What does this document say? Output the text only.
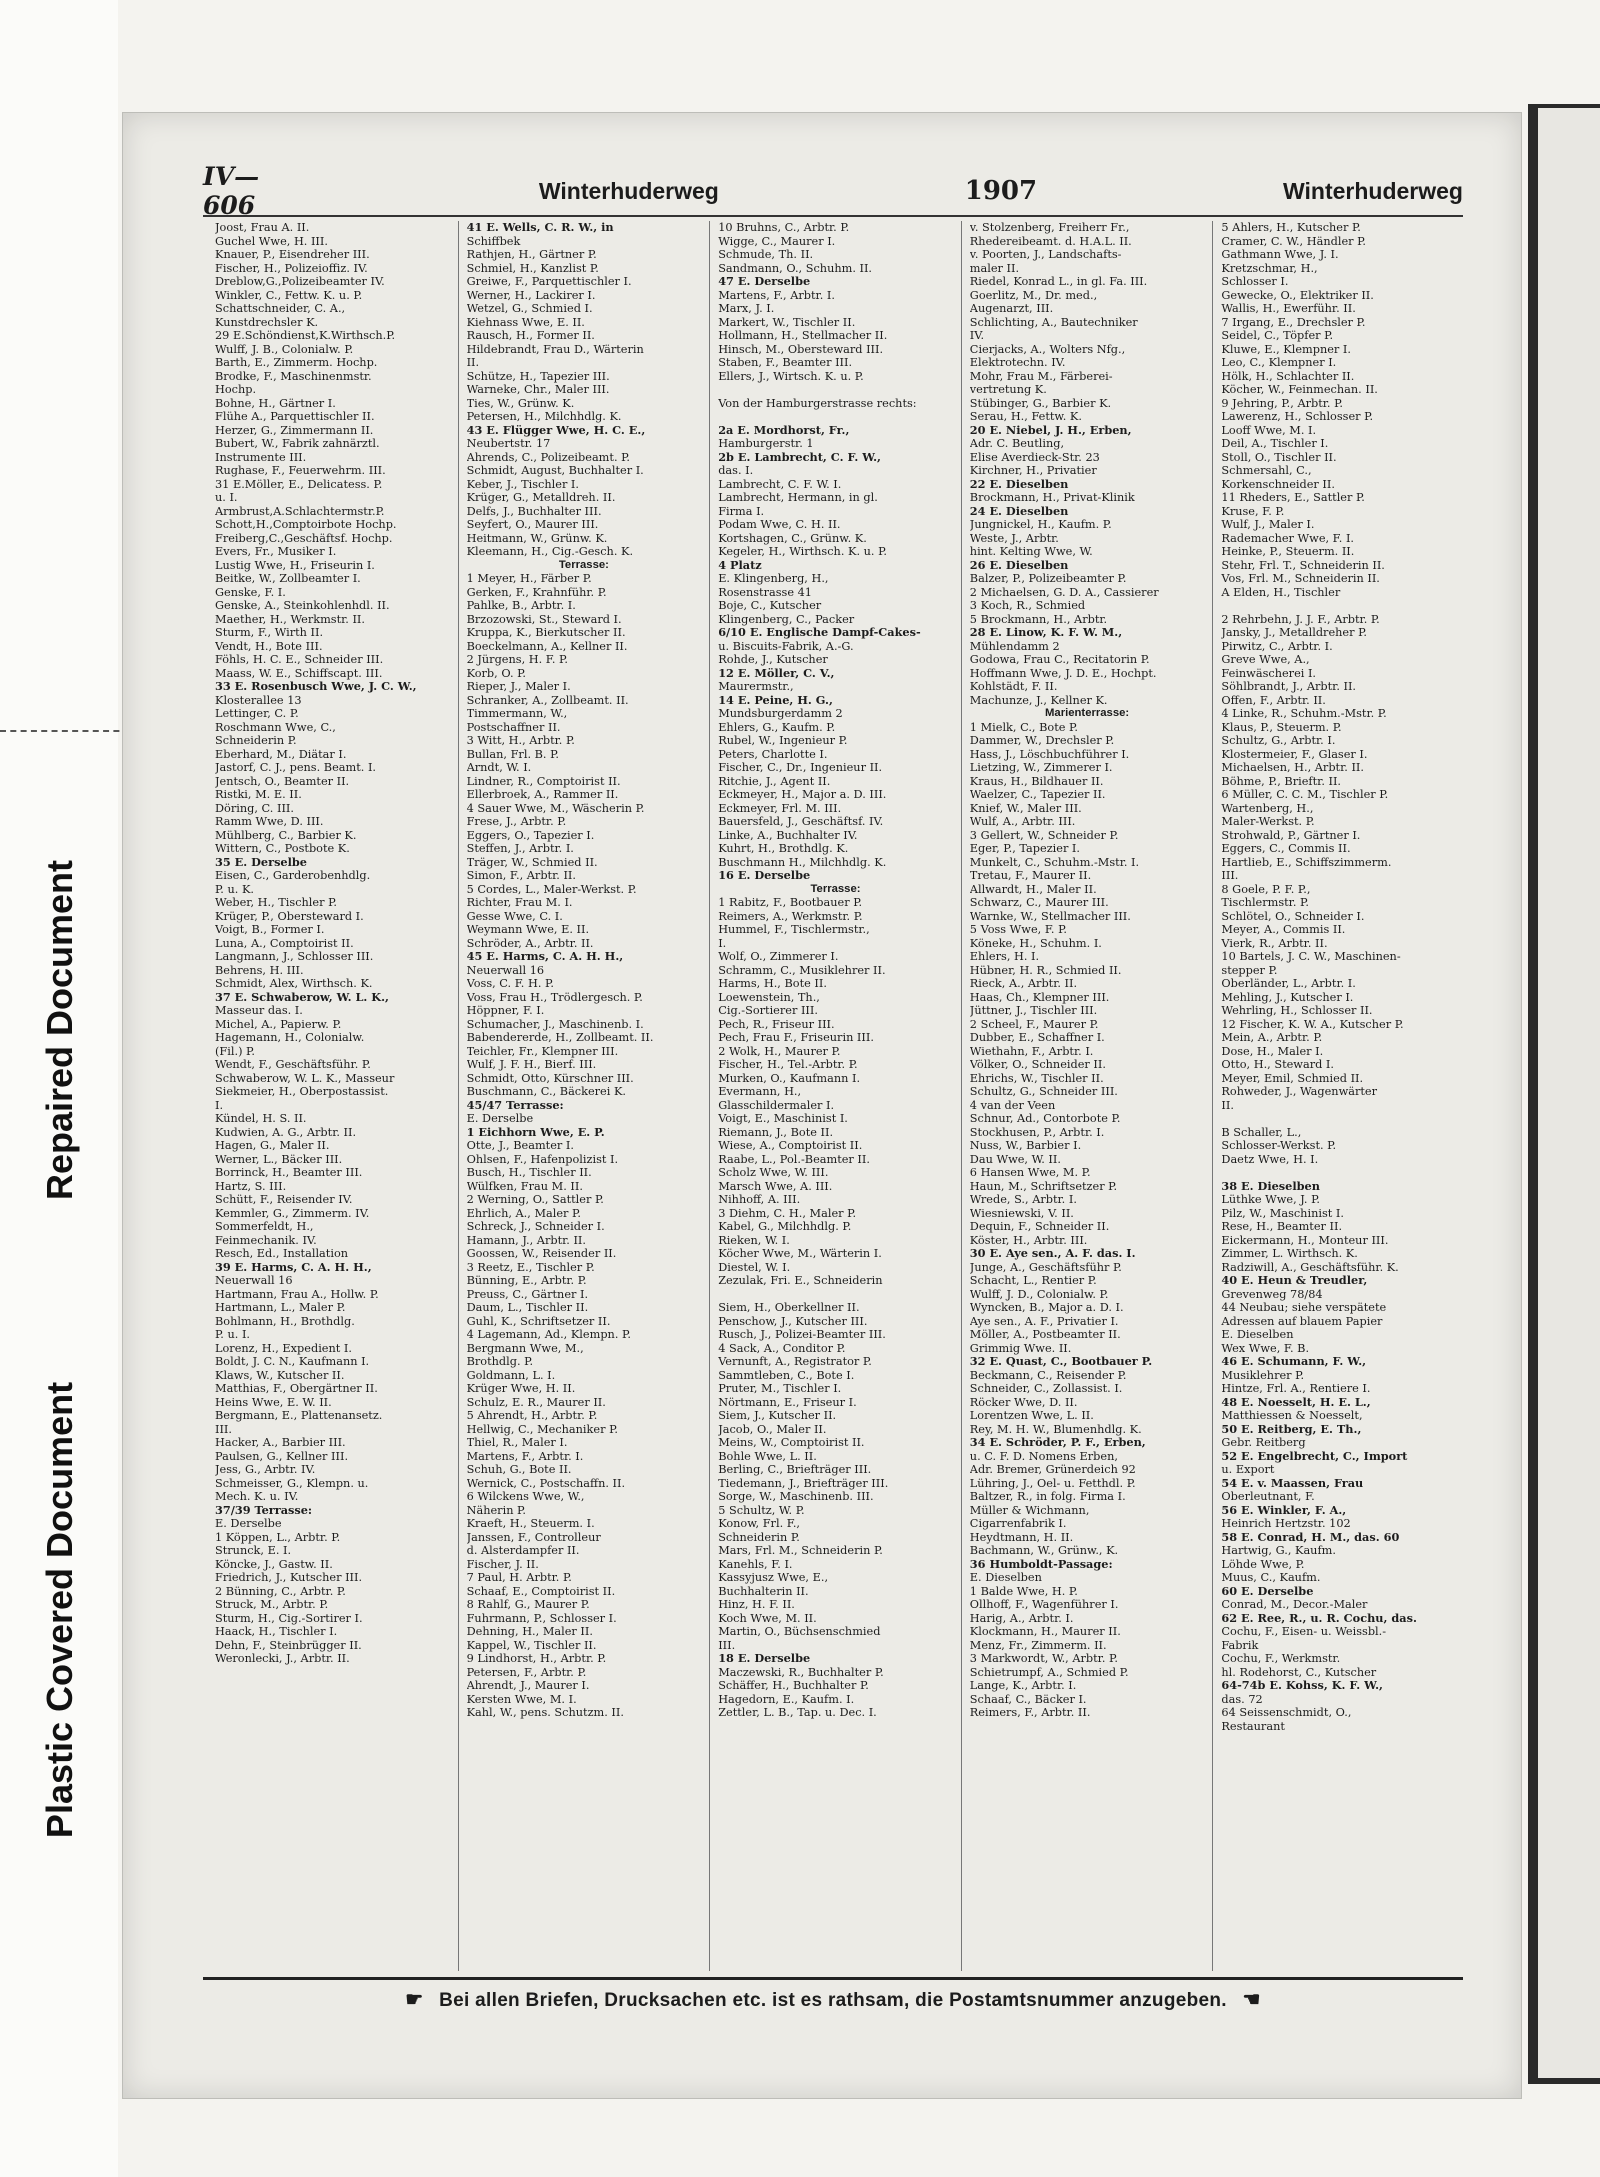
Repaired Document
Plastic Covered Document
IV—606
Winterhuderweg	1907	Winterhuderweg
Joost, Frau A. II.
Guchel Wwe, H. III.
Knauer, P., Eisendreher III.
Fischer, H., Polizeioffiz. IV.
Dreblow,G.,Polizeibeamter IV.
Winkler, C., Fettw. K. u. P.
Schattschneider, C. A.,
Kunstdrechsler K.
29 E.Schöndienst,K.Wirthsch.P.
Wulff, J. B., Colonialw. P.
Barth, E., Zimmerm. Hochp.
Brodke, F., Maschinenmstr.
Hochp.
Bohne, H., Gärtner I.
Flühe A., Parquettischler II.
Herzer, G., Zimmermann II.
Bubert, W., Fabrik zahnärztl.
Instrumente III.
Rughase, F., Feuerwehrm. III.
31 E.Möller, E., Delicatess. P.
u. I.
Armbrust,A.Schlachtermstr.P.
Schott,H.,Comptoirbote Hochp.
Freiberg,C.,Geschäftsf. Hochp.
Evers, Fr., Musiker I.
Lustig Wwe, H., Friseurin I.
Beitke, W., Zollbeamter I.
Genske, F. I.
Genske, A., Steinkohlenhdl. II.
Maether, H., Werkmstr. II.
Sturm, F., Wirth II.
Vendt, H., Bote III.
Föhls, H. C. E., Schneider III.
Maass, W. E., Schiffscapt. III.
33 E. Rosenbusch Wwe, J. C. W.,
Klosterallee 13
Lettinger, C. P.
Roschmann Wwe, C.,
Schneiderin P.
Eberhard, M., Diätar I.
Jastorf, C. J., pens. Beamt. I.
Jentsch, O., Beamter II.
Ristki, M. E. II.
Döring, C. III.
Ramm Wwe, D. III.
Mühlberg, C., Barbier K.
Wittern, C., Postbote K.
35 E. Derselbe
Eisen, C., Garderobenhdlg.
P. u. K.
Weber, H., Tischler P.
Krüger, P., Obersteward I.
Voigt, B., Former I.
Luna, A., Comptoirist II.
Langmann, J., Schlosser III.
Behrens, H. III.
Schmidt, Alex, Wirthsch. K.
37 E. Schwaberow, W. L. K.,
Masseur das. I.
Michel, A., Papierw. P.
Hagemann, H., Colonialw.
(Fil.) P.
Wendt, F., Geschäftsführ. P.
Schwaberow, W. L. K., Masseur
Siekmeier, H., Oberpostassist.
I.
Kündel, H. S. II.
Kudwien, A. G., Arbtr. II.
Hagen, G., Maler II.
Werner, L., Bäcker III.
Borrinck, H., Beamter III.
Hartz, S. III.
Schütt, F., Reisender IV.
Kemmler, G., Zimmerm. IV.
Sommerfeldt, H.,
Feinmechanik. IV.
Resch, Ed., Installation
39 E. Harms, C. A. H. H.,
Neuerwall 16
Hartmann, Frau A., Hollw. P.
Hartmann, L., Maler P.
Bohlmann, H., Brothdlg.
P. u. I.
Lorenz, H., Expedient I.
Boldt, J. C. N., Kaufmann I.
Klaws, W., Kutscher II.
Matthias, F., Obergärtner II.
Heins Wwe, E. W. II.
Bergmann, E., Plattenansetz.
III.
Hacker, A., Barbier III.
Paulsen, G., Kellner III.
Jess, G., Arbtr. IV.
Schmeisser, G., Klempn. u.
Mech. K. u. IV.
37/39 Terrasse:
E. Derselbe
1 Köppen, L., Arbtr. P.
Strunck, E. I.
Köncke, J., Gastw. II.
Friedrich, J., Kutscher III.
2 Bünning, C., Arbtr. P.
Struck, M., Arbtr. P.
Sturm, H., Cig.-Sortirer I.
Haack, H., Tischler I.
Dehn, F., Steinbrügger II.
Weronlecki, J., Arbtr. II.
41 E. Wells, C. R. W., in
Schiffbek
Rathjen, H., Gärtner P.
Schmiel, H., Kanzlist P.
Greiwe, F., Parquettischler I.
Werner, H., Lackirer I.
Wetzel, G., Schmied I.
Kiehnass Wwe, E. II.
Rausch, H., Former II.
Hildebrandt, Frau D., Wärterin
II.
Schütze, H., Tapezier III.
Warneke, Chr., Maler III.
Ties, W., Grünw. K.
Petersen, H., Milchhdlg. K.
43 E. Flügger Wwe, H. C. E.,
Neubertstr. 17
Ahrends, C., Polizeibeamt. P.
Schmidt, August, Buchhalter I.
Keber, J., Tischler I.
Krüger, G., Metalldreh. II.
Delfs, J., Buchhalter III.
Seyfert, O., Maurer III.
Heitmann, W., Grünw. K.
Kleemann, H., Cig.-Gesch. K.
Terrasse:
1 Meyer, H., Färber P.
Gerken, F., Krahnführ. P.
Pahlke, B., Arbtr. I.
Brzozowski, St., Steward I.
Kruppa, K., Bierkutscher II.
Boeckelmann, A., Kellner II.
2 Jürgens, H. F. P.
Korb, O. P.
Rieper, J., Maler I.
Schranker, A., Zollbeamt. II.
Timmermann, W.,
Postschaffner II.
3 Witt, H., Arbtr. P.
Bullan, Frl. B. P.
Arndt, W. I.
Lindner, R., Comptoirist II.
Ellerbroek, A., Rammer II.
4 Sauer Wwe, M., Wäscherin P.
Frese, J., Arbtr. P.
Eggers, O., Tapezier I.
Steffen, J., Arbtr. I.
Träger, W., Schmied II.
Simon, F., Arbtr. II.
5 Cordes, L., Maler-Werkst. P.
Richter, Frau M. I.
Gesse Wwe, C. I.
Weymann Wwe, E. II.
Schröder, A., Arbtr. II.
45 E. Harms, C. A. H. H.,
Neuerwall 16
Voss, C. F. H. P.
Voss, Frau H., Trödlergesch. P.
Höppner, F. I.
Schumacher, J., Maschinenb. I.
Babendererde, H., Zollbeamt. II.
Teichler, Fr., Klempner III.
Wulf, J. F. H., Bierf. III.
Schmidt, Otto, Kürschner III.
Buschmann, C., Bäckerei K.
45/47 Terrasse:
E. Derselbe
1 Eichhorn Wwe, E. P.
Otte, J., Beamter I.
Ohlsen, F., Hafenpolizist I.
Busch, H., Tischler II.
Wülfken, Frau M. II.
2 Werning, O., Sattler P.
Ehrlich, A., Maler P.
Schreck, J., Schneider I.
Hamann, J., Arbtr. II.
Goossen, W., Reisender II.
3 Reetz, E., Tischler P.
Bünning, E., Arbtr. P.
Preuss, C., Gärtner I.
Daum, L., Tischler II.
Guhl, K., Schriftsetzer II.
4 Lagemann, Ad., Klempn. P.
Bergmann Wwe, M.,
Brothdlg. P.
Goldmann, L. I.
Krüger Wwe, H. II.
Schulz, E. R., Maurer II.
5 Ahrendt, H., Arbtr. P.
Hellwig, C., Mechaniker P.
Thiel, R., Maler I.
Martens, F., Arbtr. I.
Schuh, G., Bote II.
Wernick, C., Postschaffn. II.
6 Wilckens Wwe, W.,
Näherin P.
Kraeft, H., Steuerm. I.
Janssen, F., Controlleur
d. Alsterdampfer II.
Fischer, J. II.
7 Paul, H. Arbtr. P.
Schaaf, E., Comptoirist II.
8 Rahlf, G., Maurer P.
Fuhrmann, P., Schlosser I.
Dehning, H., Maler II.
Kappel, W., Tischler II.
9 Lindhorst, H., Arbtr. P.
Petersen, F., Arbtr. P.
Ahrendt, J., Maurer I.
Kersten Wwe, M. I.
Kahl, W., pens. Schutzm. II.
10 Bruhns, C., Arbtr. P.
Wigge, C., Maurer I.
Schmude, Th. II.
Sandmann, O., Schuhm. II.
47 E. Derselbe
Martens, F., Arbtr. I.
Marx, J. I.
Markert, W., Tischler II.
Hollmann, H., Stellmacher II.
Hinsch, M., Obersteward III.
Staben, F., Beamter III.
Ellers, J., Wirtsch. K. u. P.
Von der Hamburgerstrasse rechts:
2a E. Mordhorst, Fr.,
Hamburgerstr. 1
2b E. Lambrecht, C. F. W.,
das. I.
Lambrecht, C. F. W. I.
Lambrecht, Hermann, in gl.
Firma I.
Podam Wwe, C. H. II.
Kortshagen, C., Grünw. K.
Kegeler, H., Wirthsch. K. u. P.
4 Platz
E. Klingenberg, H.,
Rosenstrasse 41
Boje, C., Kutscher
Klingenberg, C., Packer
6/10 E. Englische Dampf-Cakes-
u. Biscuits-Fabrik, A.-G.
Rohde, J., Kutscher
12 E. Möller, C. V.,
Maurermstr.,
14 E. Peine, H. G.,
Mundsburgerdamm 2
Ehlers, G., Kaufm. P.
Rubel, W., Ingenieur P.
Peters, Charlotte I.
Fischer, C., Dr., Ingenieur II.
Ritchie, J., Agent II.
Eckmeyer, H., Major a. D. III.
Eckmeyer, Frl. M. III.
Bauersfeld, J., Geschäftsf. IV.
Linke, A., Buchhalter IV.
Kuhrt, H., Brothdlg. K.
Buschmann H., Milchhdlg. K.
16 E. Derselbe
Terrasse:
1 Rabitz, F., Bootbauer P.
Reimers, A., Werkmstr. P.
Hummel, F., Tischlermstr.,
I.
Wolf, O., Zimmerer I.
Schramm, C., Musiklehrer II.
Harms, H., Bote II.
Loewenstein, Th.,
Cig.-Sortierer III.
Pech, R., Friseur III.
Pech, Frau F., Friseurin III.
2 Wolk, H., Maurer P.
Fischer, H., Tel.-Arbtr. P.
Murken, O., Kaufmann I.
Evermann, H.,
Glasschildermaler I.
Voigt, E., Maschinist I.
Riemann, J., Bote II.
Wiese, A., Comptoirist II.
Raabe, L., Pol.-Beamter II.
Scholz Wwe, W. III.
Marsch Wwe, A. III.
Nihhoff, A. III.
3 Diehm, C. H., Maler P.
Kabel, G., Milchhdlg. P.
Rieken, W. I.
Köcher Wwe, M., Wärterin I.
Diestel, W. I.
Zezulak, Fri. E., Schneiderin
Siem, H., Oberkellner II.
Penschow, J., Kutscher III.
Rusch, J., Polizei-Beamter III.
4 Sack, A., Conditor P.
Vernunft, A., Registrator P.
Sammtleben, C., Bote I.
Pruter, M., Tischler I.
Nörtmann, E., Friseur I.
Siem, J., Kutscher II.
Jacob, O., Maler II.
Meins, W., Comptoirist II.
Bohle Wwe, L. II.
Berling, C., Briefträger III.
Tiedemann, J., Briefträger III.
Sorge, W., Maschinenb. III.
5 Schultz, W. P.
Konow, Frl. F.,
Schneiderin P.
Mars, Frl. M., Schneiderin P.
Kanehls, F. I.
Kassyjusz Wwe, E.,
Buchhalterin II.
Hinz, H. F. II.
Koch Wwe, M. II.
Martin, O., Büchsenschmied
III.
18 E. Derselbe
Maczewski, R., Buchhalter P.
Schäffer, H., Buchhalter P.
Hagedorn, E., Kaufm. I.
Zettler, L. B., Tap. u. Dec. I.
v. Stolzenberg, Freiherr Fr.,
Rhedereibeamt. d. H.A.L. II.
v. Poorten, J., Landschafts-
maler II.
Riedel, Konrad L., in gl. Fa. III.
Goerlitz, M., Dr. med.,
Augenarzt, III.
Schlichting, A., Bautechniker
IV.
Cierjacks, A., Wolters Nfg.,
Elektrotechn. IV.
Mohr, Frau M., Färberei-
vertretung K.
Stübinger, G., Barbier K.
Serau, H., Fettw. K.
20 E. Niebel, J. H., Erben,
Adr. C. Beutling,
Elise Averdieck-Str. 23
Kirchner, H., Privatier
22 E. Dieselben
Brockmann, H., Privat-Klinik
24 E. Dieselben
Jungnickel, H., Kaufm. P.
Weste, J., Arbtr.
hint. Kelting Wwe, W.
26 E. Dieselben
Balzer, P., Polizeibeamter P.
2 Michaelsen, G. D. A., Cassierer
3 Koch, R., Schmied
5 Brockmann, H., Arbtr.
28 E. Linow, K. F. W. M.,
Mühlendamm 2
Godowa, Frau C., Recitatorin P.
Hoffmann Wwe, J. D. E., Hochpt.
Kohlstädt, F. II.
Machunze, J., Kellner K.
Marienterrasse:
1 Mielk, C., Bote P.
Dammer, W., Drechsler P.
Hass, J., Löschbuchführer I.
Lietzing, W., Zimmerer I.
Kraus, H., Bildhauer II.
Waelzer, C., Tapezier II.
Knief, W., Maler III.
Wulf, A., Arbtr. III.
3 Gellert, W., Schneider P.
Eger, P., Tapezier I.
Munkelt, C., Schuhm.-Mstr. I.
Tretau, F., Maurer II.
Allwardt, H., Maler II.
Schwarz, C., Maurer III.
Warnke, W., Stellmacher III.
5 Voss Wwe, F. P.
Köneke, H., Schuhm. I.
Ehlers, H. I.
Hübner, H. R., Schmied II.
Rieck, A., Arbtr. II.
Haas, Ch., Klempner III.
Jüttner, J., Tischler III.
2 Scheel, F., Maurer P.
Dubber, E., Schaffner I.
Wiethahn, F., Arbtr. I.
Völker, O., Schneider II.
Ehrichs, W., Tischler II.
Schultz, G., Schneider III.
4 van der Veen
Schnur, Ad., Contorbote P.
Stockhusen, P., Arbtr. I.
Nuss, W., Barbier I.
Dau Wwe, W. II.
6 Hansen Wwe, M. P.
Haun, M., Schriftsetzer P.
Wrede, S., Arbtr. I.
Wiesniewski, V. II.
Dequin, F., Schneider II.
Köster, H., Arbtr. III.
30 E. Aye sen., A. F. das. I.
Junge, A., Geschäftsführ P.
Schacht, L., Rentier P.
Wulff, J. D., Colonialw. P.
Wyncken, B., Major a. D. I.
Aye sen., A. F., Privatier I.
Möller, A., Postbeamter II.
Grimmig Wwe. II.
32 E. Quast, C., Bootbauer P.
Beckmann, C., Reisender P.
Schneider, C., Zollassist. I.
Röcker Wwe, D. II.
Lorentzen Wwe, L. II.
Rey, M. H. W., Blumenhdlg. K.
34 E. Schröder, P. F., Erben,
u. C. F. D. Nomens Erben,
Adr. Bremer, Grünerdeich 92
Lühring, J., Oel- u. Fetthdl. P.
Baltzer, R., in folg. Firma I.
Müller & Wichmann,
Cigarrenfabrik I.
Heydtmann, H. II.
Bachmann, W., Grünw., K.
36 Humboldt-Passage:
E. Dieselben
1 Balde Wwe, H. P.
Ollhoff, F., Wagenführer I.
Harig, A., Arbtr. I.
Klockmann, H., Maurer II.
Menz, Fr., Zimmerm. II.
3 Markwordt, W., Arbtr. P.
Schietrumpf, A., Schmied P.
Lange, K., Arbtr. I.
Schaaf, C., Bäcker I.
Reimers, F., Arbtr. II.
5 Ahlers, H., Kutscher P.
Cramer, C. W., Händler P.
Gathmann Wwe, J. I.
Kretzschmar, H.,
Schlosser I.
Gewecke, O., Elektriker II.
Wallis, H., Ewerführ. II.
7 Irgang, E., Drechsler P.
Seidel, C., Töpfer P.
Kluwe, E., Klempner I.
Leo, C., Klempner I.
Hölk, H., Schlachter II.
Köcher, W., Feinmechan. II.
9 Jehring, P., Arbtr. P.
Lawerenz, H., Schlosser P.
Looff Wwe, M. I.
Deil, A., Tischler I.
Stoll, O., Tischler II.
Schmersahl, C.,
Korkenschneider II.
11 Rheders, E., Sattler P.
Kruse, F. P.
Wulf, J., Maler I.
Rademacher Wwe, F. I.
Heinke, P., Steuerm. II.
Stehr, Frl. T., Schneiderin II.
Vos, Frl. M., Schneiderin II.
A Elden, H., Tischler
2 Rehrbehn, J. J. F., Arbtr. P.
Jansky, J., Metalldreher P.
Pirwitz, C., Arbtr. I.
Greve Wwe, A.,
Feinwäscherei I.
Söhlbrandt, J., Arbtr. II.
Offen, F., Arbtr. II.
4 Linke, R., Schuhm.-Mstr. P.
Klaus, P., Steuerm. P.
Schultz, G., Arbtr. I.
Klostermeier, F., Glaser I.
Michaelsen, H., Arbtr. II.
Böhme, P., Brieftr. II.
6 Müller, C. C. M., Tischler P.
Wartenberg, H.,
Maler-Werkst. P.
Strohwald, P., Gärtner I.
Eggers, C., Commis II.
Hartlieb, E., Schiffszimmerm.
III.
8 Goele, P. F. P.,
Tischlermstr. P.
Schlötel, O., Schneider I.
Meyer, A., Commis II.
Vierk, R., Arbtr. II.
10 Bartels, J. C. W., Maschinen-
stepper P.
Oberländer, L., Arbtr. I.
Mehling, J., Kutscher I.
Wehrling, H., Schlosser II.
12 Fischer, K. W. A., Kutscher P.
Mein, A., Arbtr. P.
Dose, H., Maler I.
Otto, H., Steward I.
Meyer, Emil, Schmied II.
Rohweder, J., Wagenwärter
II.
B Schaller, L.,
Schlosser-Werkst. P.
Daetz Wwe, H. I.
38 E. Dieselben
Lüthke Wwe, J. P.
Pilz, W., Maschinist I.
Rese, H., Beamter II.
Eickermann, H., Monteur III.
Zimmer, L. Wirthsch. K.
Radziwill, A., Geschäftsführ. K.
40 E. Heun & Treudler,
Grevenweg 78/84
44 Neubau; siehe verspätete
Adressen auf blauem Papier
E. Dieselben
Wex Wwe, F. B.
46 E. Schumann, F. W.,
Musiklehrer P.
Hintze, Frl. A., Rentiere I.
48 E. Noesselt, H. E. L.,
Matthiessen & Noesselt,
50 E. Reitberg, E. Th.,
Gebr. Reitberg
52 E. Engelbrecht, C., Import
u. Export
54 E. v. Maassen, Frau
Oberleutnant, F.
56 E. Winkler, F. A.,
Heinrich Hertzstr. 102
58 E. Conrad, H. M., das. 60
Hartwig, G., Kaufm.
Löhde Wwe, P.
Muus, C., Kaufm.
60 E. Derselbe
Conrad, M., Decor.-Maler
62 E. Ree, R., u. R. Cochu, das.
Cochu, F., Eisen- u. Weissbl.-
Fabrik
Cochu, F., Werkmstr.
hl. Rodehorst, C., Kutscher
64-74b E. Kohss, K. F. W.,
das. 72
64 Seissenschmidt, O.,
Restaurant
☛ Bei allen Briefen, Drucksachen etc. ist es rathsam, die Postamtsnummer anzugeben. ☚
